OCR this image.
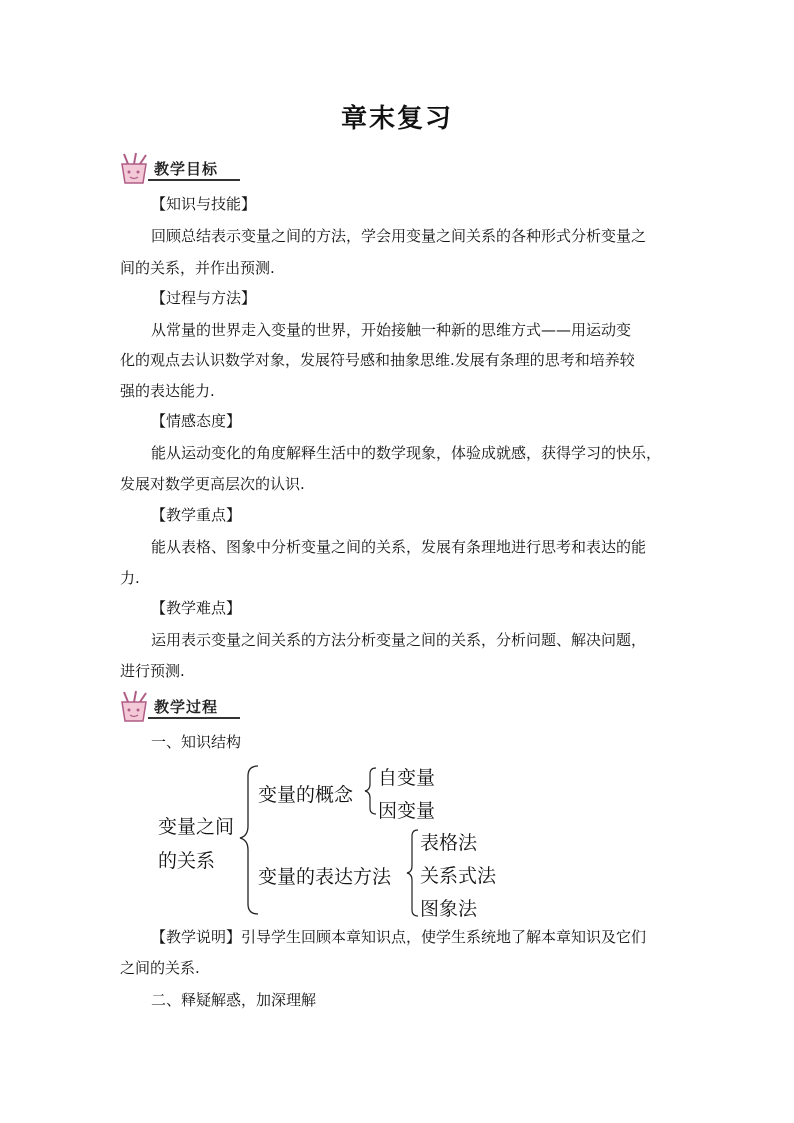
章末复习
教学目标
【知识与技能】
回顾总结表示变量之间的方法，学会用变量之间关系的各种形式分析变量之
间的关系，并作出预测.
【过程与方法】
从常量的世界走入变量的世界，开始接触一种新的思维方式——用运动变
化的观点去认识数学对象，发展符号感和抽象思维.发展有条理的思考和培养较
强的表达能力.
【情感态度】
能从运动变化的角度解释生活中的数学现象，体验成就感，获得学习的快乐，
发展对数学更高层次的认识.
【教学重点】
能从表格、图象中分析变量之间的关系，发展有条理地进行思考和表达的能
力.
【教学难点】
运用表示变量之间关系的方法分析变量之间的关系，分析问题、解决问题，
进行预测.
教学过程
一、知识结构
变量之间
的关系
变量的概念
自变量
因变量
变量的表达方法
表格法
关系式法
图象法
【教学说明】引导学生回顾本章知识点，使学生系统地了解本章知识及它们
之间的关系.
二、释疑解惑，加深理解
